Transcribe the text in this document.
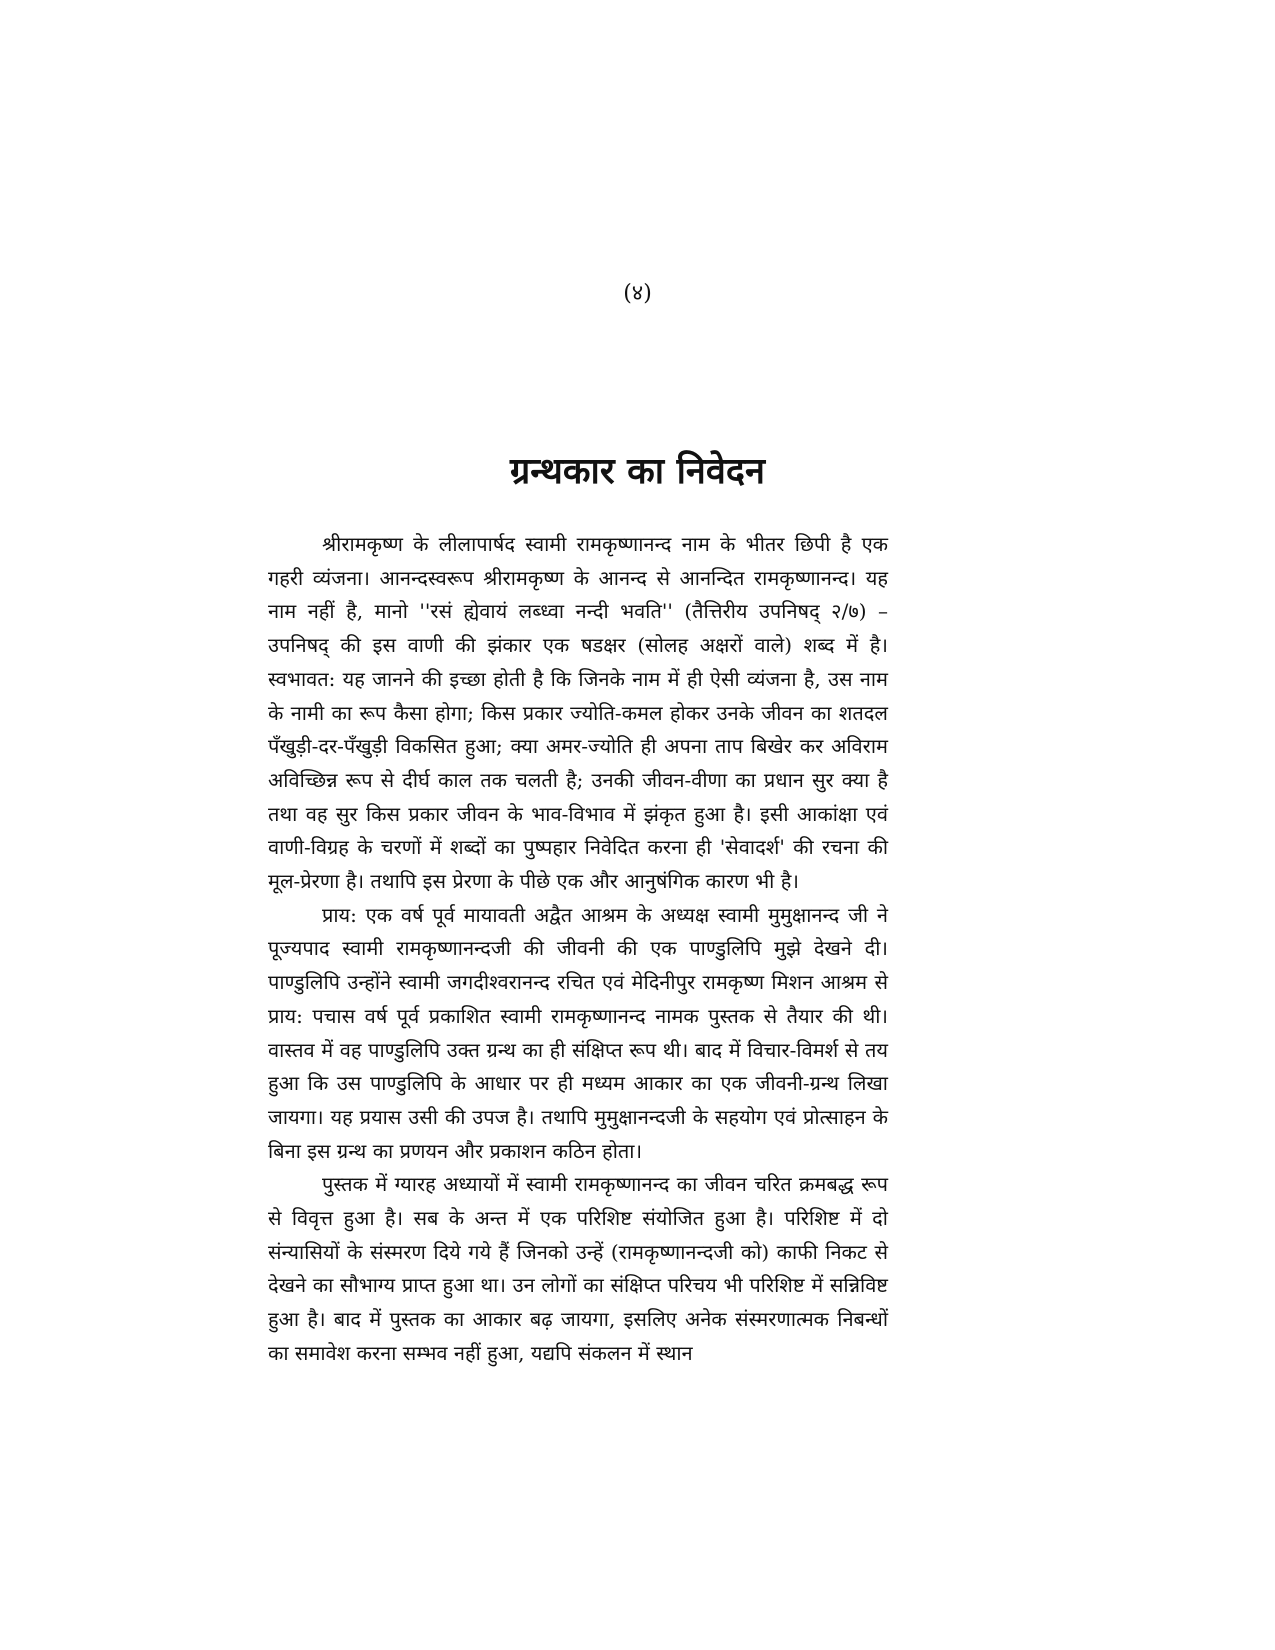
(४)
ग्रन्थकार का निवेदन

श्रीरामकृष्ण के लीलापार्षद स्वामी रामकृष्णानन्द नाम के भीतर छिपी है एक गहरी व्यंजना। आनन्दस्वरूप श्रीरामकृष्ण के आनन्द से आनन्दित रामकृष्णानन्द। यह नाम नहीं है, मानो ''रसं ह्येवायं लब्ध्वा नन्दी भवति'' (तैत्तिरीय उपनिषद् २/७) – उपनिषद् की इस वाणी की झंकार एक षडक्षर (सोलह अक्षरों वाले) शब्द में है। स्वभावत: यह जानने की इच्छा होती है कि जिनके नाम में ही ऐसी व्यंजना है, उस नाम के नामी का रूप कैसा होगा; किस प्रकार ज्योति-कमल होकर उनके जीवन का शतदल पँखुड़ी-दर-पँखुड़ी विकसित हुआ; क्या अमर-ज्योति ही अपना ताप बिखेर कर अविराम अविच्छिन्न रूप से दीर्घ काल तक चलती है; उनकी जीवन-वीणा का प्रधान सुर क्या है तथा वह सुर किस प्रकार जीवन के भाव-विभाव में झंकृत हुआ है। इसी आकांक्षा एवं वाणी-विग्रह के चरणों में शब्दों का पुष्पहार निवेदित करना ही 'सेवादर्श' की रचना की मूल-प्रेरणा है। तथापि इस प्रेरणा के पीछे एक और आनुषंगिक कारण भी है।

प्राय: एक वर्ष पूर्व मायावती अद्वैत आश्रम के अध्यक्ष स्वामी मुमुक्षानन्द जी ने पूज्यपाद स्वामी रामकृष्णानन्दजी की जीवनी की एक पाण्डुलिपि मुझे देखने दी। पाण्डुलिपि उन्होंने स्वामी जगदीश्वरानन्द रचित एवं मेदिनीपुर रामकृष्ण मिशन आश्रम से प्राय: पचास वर्ष पूर्व प्रकाशित स्वामी रामकृष्णानन्द नामक पुस्तक से तैयार की थी। वास्तव में वह पाण्डुलिपि उक्त ग्रन्थ का ही संक्षिप्त रूप थी। बाद में विचार-विमर्श से तय हुआ कि उस पाण्डुलिपि के आधार पर ही मध्यम आकार का एक जीवनी-ग्रन्थ लिखा जायगा। यह प्रयास उसी की उपज है। तथापि मुमुक्षानन्दजी के सहयोग एवं प्रोत्साहन के बिना इस ग्रन्थ का प्रणयन और प्रकाशन कठिन होता।

पुस्तक में ग्यारह अध्यायों में स्वामी रामकृष्णानन्द का जीवन चरित क्रमबद्ध रूप से विवृत्त हुआ है। सब के अन्त में एक परिशिष्ट संयोजित हुआ है। परिशिष्ट में दो संन्यासियों के संस्मरण दिये गये हैं जिनको उन्हें (रामकृष्णानन्दजी को) काफी निकट से देखने का सौभाग्य प्राप्त हुआ था। उन लोगों का संक्षिप्त परिचय भी परिशिष्ट में सन्निविष्ट हुआ है। बाद में पुस्तक का आकार बढ़ जायगा, इसलिए अनेक संस्मरणात्मक निबन्धों का समावेश करना सम्भव नहीं हुआ, यद्यपि संकलन में स्थान
